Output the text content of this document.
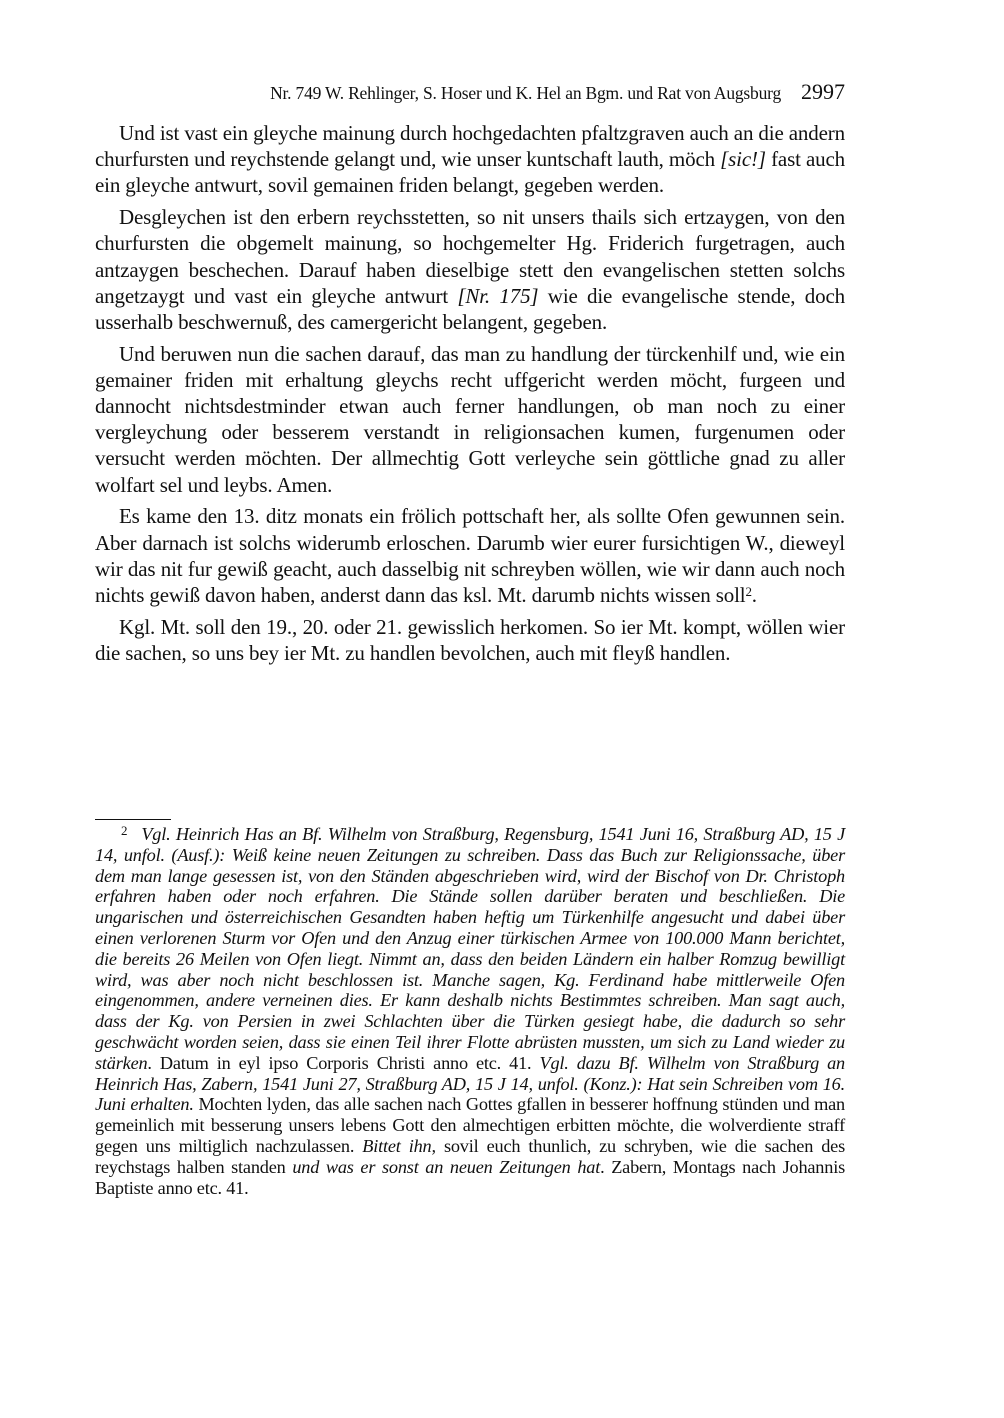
Nr. 749 W. Rehlinger, S. Hoser und K. Hel an Bgm. und Rat von Augsburg 2997

Und ist vast ein gleyche mainung durch hochgedachten pfaltzgraven auch an die andern churfursten und reychstende gelangt und, wie unser kuntschaft lauth, möch [sic!] fast auch ein gleyche antwurt, sovil gemainen friden belangt, gegeben werden.

Desgleychen ist den erbern reychsstetten, so nit unsers thails sich ertzaygen, von den churfursten die obgemelt mainung, so hochgemelter Hg. Friderich furgetragen, auch antzaygen beschechen. Darauf haben dieselbige stett den evangelischen stetten solchs angetzaygt und vast ein gleyche antwurt [Nr. 175] wie die evangelische stende, doch usserhalb beschwernuß, des camergericht belangent, gegeben.

Und beruwen nun die sachen darauf, das man zu handlung der türckenhilf und, wie ein gemainer friden mit erhaltung gleychs recht uffgericht werden möcht, furgeen und dannocht nichtsdestminder etwan auch ferner handlungen, ob man noch zu einer vergleychung oder besserem verstandt in religionsachen kumen, furgenumen oder versucht werden möchten. Der allmechtig Gott verleyche sein göttliche gnad zu aller wolfart sel und leybs. Amen.

Es kame den 13. ditz monats ein frölich pottschaft her, als sollte Ofen gewunnen sein. Aber darnach ist solchs widerumb erloschen. Darumb wier eurer fursichtigen W., dieweyl wir das nit fur gewiß geacht, auch dasselbig nit schreyben wöllen, wie wir dann auch noch nichts gewiß davon haben, anderst dann das ksl. Mt. darumb nichts wissen soll$^2$.

Kgl. Mt. soll den 19., 20. oder 21. gewisslich herkomen. So ier Mt. kompt, wöllen wier die sachen, so uns bey ier Mt. zu handlen bevolchen, auch mit fleyß handlen.

$^2$ Vgl. Heinrich Has an Bf. Wilhelm von Straßburg, Regensburg, 1541 Juni 16, Straßburg AD, 15 J 14, unfol. (Ausf.): Weiß keine neuen Zeitungen zu schreiben. Dass das Buch zur Religionssache, über dem man lange gesessen ist, von den Ständen abgeschrieben wird, wird der Bischof von Dr. Christoph erfahren haben oder noch erfahren. Die Stände sollen darüber beraten und beschließen. Die ungarischen und österreichischen Gesandten haben heftig um Türkenhilfe angesucht und dabei über einen verlorenen Sturm vor Ofen und den Anzug einer türkischen Armee von 100.000 Mann berichtet, die bereits 26 Meilen von Ofen liegt. Nimmt an, dass den beiden Ländern ein halber Romzug bewilligt wird, was aber noch nicht beschlossen ist. Manche sagen, Kg. Ferdinand habe mittlerweile Ofen eingenommen, andere verneinen dies. Er kann deshalb nichts Bestimmtes schreiben. Man sagt auch, dass der Kg. von Persien in zwei Schlachten über die Türken gesiegt habe, die dadurch so sehr geschwächt worden seien, dass sie einen Teil ihrer Flotte abrüsten mussten, um sich zu Land wieder zu stärken. Datum in eyl ipso Corporis Christi anno etc. 41. Vgl. dazu Bf. Wilhelm von Straßburg an Heinrich Has, Zabern, 1541 Juni 27, Straßburg AD, 15 J 14, unfol. (Konz.): Hat sein Schreiben vom 16. Juni erhalten. Mochten lyden, das alle sachen nach Gottes gfallen in besserer hoffnung stünden und man gemeinlich mit besserung unsers lebens Gott den almechtigen erbitten möchte, die wolverdiente straff gegen uns miltiglich nachzulassen. Bittet ihn, sovil euch thunlich, zu schryben, wie die sachen des reychstags halben standen und was er sonst an neuen Zeitungen hat. Zabern, Montags nach Johannis Baptiste anno etc. 41.
